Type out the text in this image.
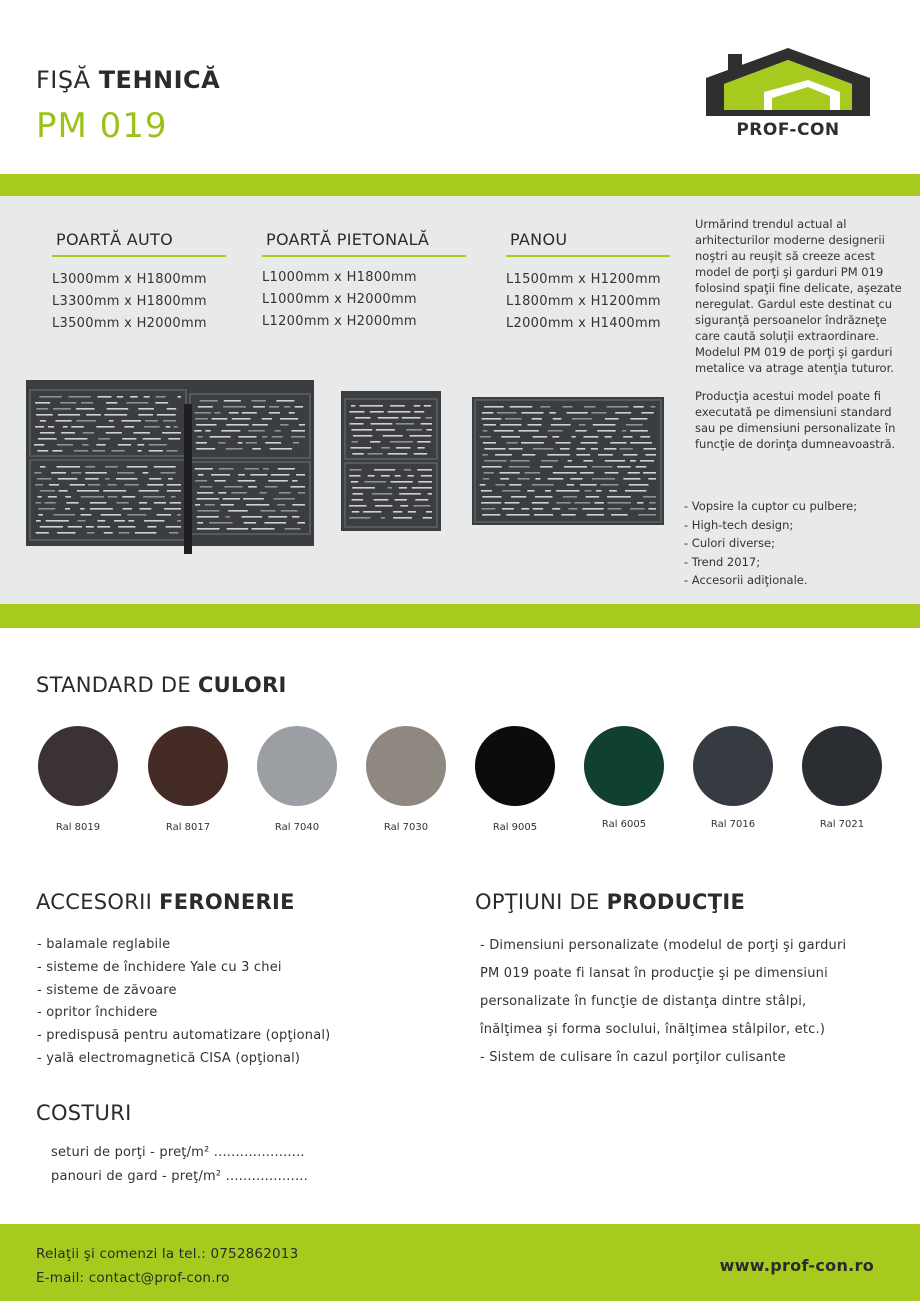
FIŞĂ TEHNICĂ
PM 019	PROF-CON
POARTĂ AUTO
L3000mm x H1800mm
L3300mm x H1800mm
L3500mm x H2000mm
POARTĂ PIETONALĂ
L1000mm x H1800mm
L1000mm x H2000mm
L1200mm x H2000mm
PANOU
L1500mm x H1200mm
L1800mm x H1200mm
L2000mm x H1400mm

Urmărind trendul actual al arhitecturilor moderne designerii noştri au reuşit să creeze acest model de porţi şi garduri PM 019 folosind spaţii fine delicate, aşezate neregulat. Gardul este destinat cu siguranţă persoanelor îndrăzneţe care caută soluţii extraordinare. Modelul PM 019 de porţi şi garduri metalice va atrage atenţia tuturor.

Producţia acestui model poate fi executată pe dimensiuni standard sau pe dimensiuni personalizate în funcţie de dorinţa dumneavoastră.

- Vopsire la cuptor cu pulbere;
- High-tech design;
- Culori diverse;
- Trend 2017;
- Accesorii adiţionale.
STANDARD DE CULORI
Ral 8019	Ral 8017	Ral 7040	Ral 7030	Ral 9005	Ral 6005	Ral 7016	Ral 7021
ACCESORII FERONERIE
- balamale reglabile
- sisteme de închidere Yale cu 3 chei
- sisteme de zăvoare
- opritor închidere
- predispusă pentru automatizare (opţional)
- yală electromagnetică CISA (opţional)
OPŢIUNI DE PRODUCŢIE
- Dimensiuni personalizate (modelul de porţi şi garduri
PM 019 poate fi lansat în producţie şi pe dimensiuni
personalizate în funcţie de distanţa dintre stâlpi,
înălţimea şi forma soclului, înălţimea stâlpilor, etc.)
- Sistem de culisare în cazul porţilor culisante
COSTURI
seturi de porţi - preţ/m² .....................
panouri de gard - preţ/m² ...................
Relaţii şi comenzi la tel.: 0752862013
E-mail: contact@prof-con.ro
www.prof-con.ro
